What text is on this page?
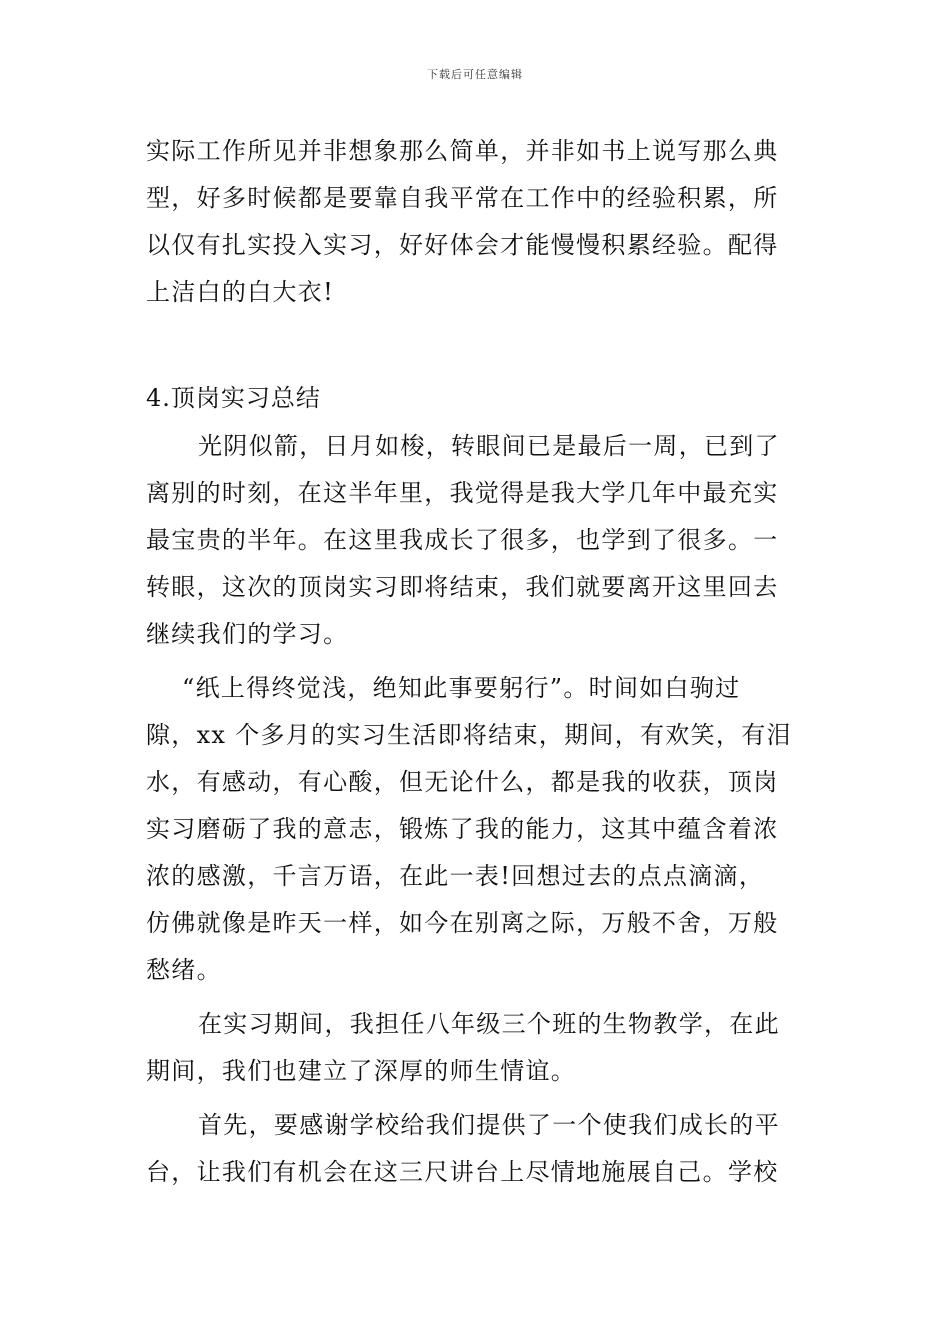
下载后可任意编辑
实际工作所见并非想象那么简单，并非如书上说写那么典
型，好多时候都是要靠自我平常在工作中的经验积累，所
以仅有扎实投入实习，好好体会才能慢慢积累经验。配得
上洁白的白大衣!
4.顶岗实习总结
光阴似箭，日月如梭，转眼间已是最后一周，已到了
离别的时刻，在这半年里，我觉得是我大学几年中最充实
最宝贵的半年。在这里我成长了很多，也学到了很多。一
转眼，这次的顶岗实习即将结束，我们就要离开这里回去
继续我们的学习。
“纸上得终觉浅，绝知此事要躬行”。时间如白驹过
隙，xx 个多月的实习生活即将结束，期间，有欢笑，有泪
水，有感动，有心酸，但无论什么，都是我的收获，顶岗
实习磨砺了我的意志，锻炼了我的能力，这其中蕴含着浓
浓的感激，千言万语，在此一表!回想过去的点点滴滴，
仿佛就像是昨天一样，如今在别离之际，万般不舍，万般
愁绪。
在实习期间，我担任八年级三个班的生物教学，在此
期间，我们也建立了深厚的师生情谊。
首先，要感谢学校给我们提供了一个使我们成长的平
台，让我们有机会在这三尺讲台上尽情地施展自己。学校
